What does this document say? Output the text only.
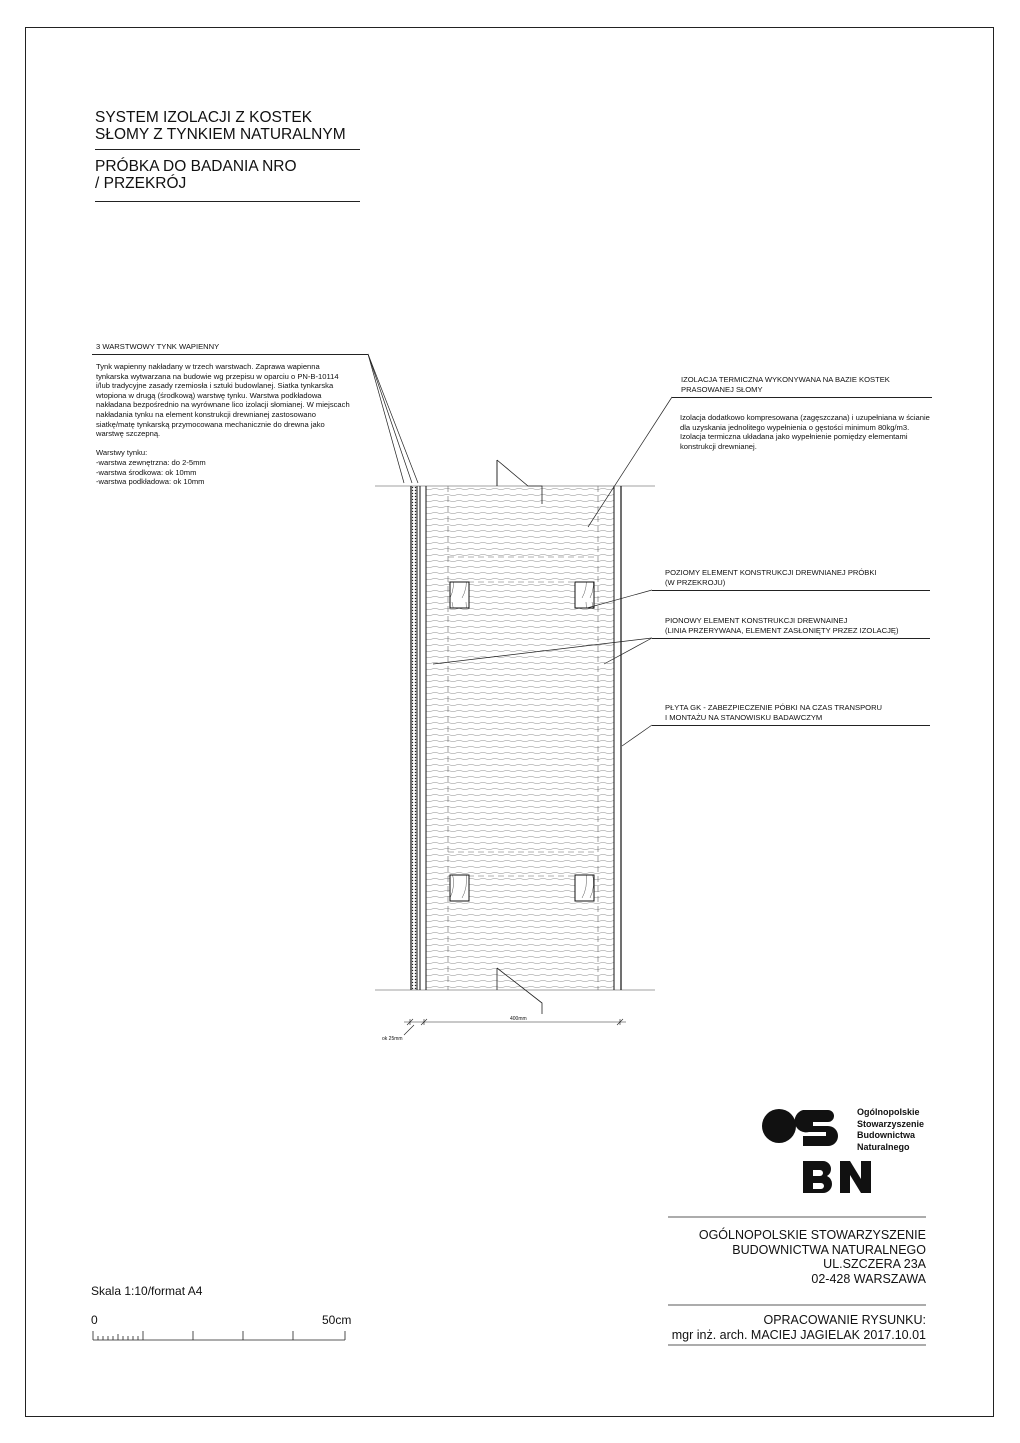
SYSTEM IZOLACJI Z KOSTEK
SŁOMY Z TYNKIEM NATURALNYM
PRÓBKA DO BADANIA NRO
/ PRZEKRÓJ
3 WARSTWOWY TYNK WAPIENNY
Tynk wapienny nakładany w trzech warstwach. Zaprawa wapienna
tynkarska wytwarzana na budowie wg przepisu w oparciu o PN-B-10114
i/lub tradycyjne zasady rzemiosła i sztuki budowlanej. Siatka tynkarska
wtopiona w drugą (środkową) warstwę tynku. Warstwa podkładowa
nakładana bezpośrednio na wyrównane lico izolacji słomianej. W miejscach
nakładania tynku na element konstrukcji drewnianej zastosowano
siatkę/matę tynkarską przymocowana mechanicznie do drewna jako
warstwę szczepną.
Warstwy tynku:
-warstwa zewnętrzna: do 2-5mm
-warstwa środkowa: ok 10mm
-warstwa podkładowa: ok 10mm
IZOLACJA TERMICZNA WYKONYWANA NA BAZIE KOSTEK
PRASOWANEJ SŁOMY
Izolacja dodatkowo kompresowana (zagęszczana) i uzupełniana w ścianie
dla uzyskania jednolitego wypełnienia o gęstości minimum 80kg/m3.
Izolacja termiczna układana jako wypełnienie pomiędzy elementami
konstrukcji drewnianej.
POZIOMY ELEMENT KONSTRUKCJI DREWNIANEJ PRÓBKI
(W PRZEKROJU)
PIONOWY ELEMENT KONSTRUKCJI DREWNAINEJ
(LINIA PRZERYWANA, ELEMENT ZASŁONIĘTY PRZEZ IZOLACJĘ)
PŁYTA GK - ZABEZPIECZENIE PÓBKI NA CZAS TRANSPORU
I MONTAŻU NA STANOWISKU BADAWCZYM
400mm
ok 25mm
Ogólnopolskie
Stowarzyszenie
Budownictwa
Naturalnego
OGÓLNOPOLSKIE STOWARZYSZENIE
BUDOWNICTWA NATURALNEGO
UL.SZCZERA 23A
02-428 WARSZAWA
OPRACOWANIE RYSUNKU:
mgr inż. arch. MACIEJ JAGIELAK 2017.10.01
Skala 1:10/format A4
0	50cm
